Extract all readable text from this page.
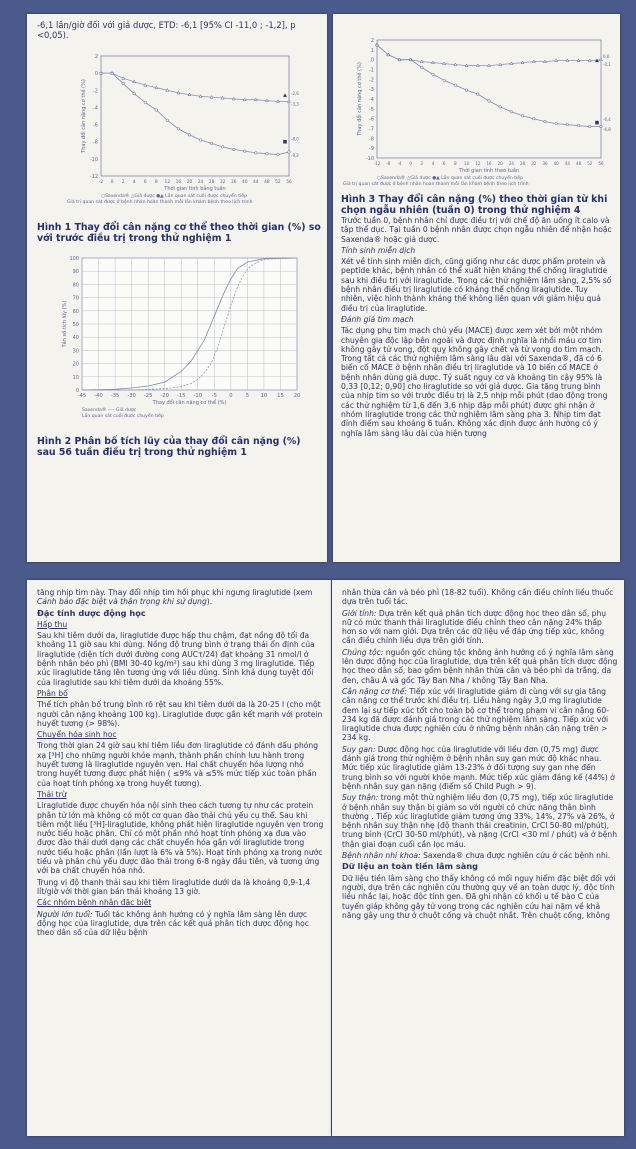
-6,1 lần/giờ đối với giả dược, ETD: -6,1 [95% CI -11,0 ; -1,2], p <0,05).
2
0
-2
-4
-6
-8
-10
-12
-2 0 2 4 6 8 12 16 20 24 28 32 36 40 44 48 52 56
Thời gian tính bằng tuần
Thay đổi cân nặng cơ thể (%)	-2,6
-3,3
-8,0
-9,2
○Saxenda® △Giả dược ●▲ Lần quan sát cuối được chuyển tiếp
Giá trị quan sát được ở bệnh nhân hoàn thành mỗi lần khám bệnh theo lịch trình
Hình 1 Thay đổi cân nặng cơ thể theo thời gian (%) so với trước điều trị trong thử nghiệm 1
100
90
80
70
60
50
40
30
20
10
0
-45 -40 -35 -30 -25 -20 -15 -10 -5 0	5 10 15 20
Thay đổi cân nặng cơ thể (%)
Tần số tích lũy (%)
Saxenda® ---- Giả dược
Lần quan sát cuối được chuyển tiếp
Hình 2 Phân bố tích lũy của thay đổi cân nặng (%) sau 56 tuần điều trị trong thử nghiệm 1
2
1
0
-1
-2
-3
-4
-5
-6
-7
-8
-9
-10
-12 -8 -4 0 2 4 6 8 10 12 16 20 24 28 32 36 40 44 48 52 56
Thời gian tính theo tuần
Thay đổi cân nặng cơ thể (%)
0,0
-0,1
-6,4
-6,8
○Saxenda® △Giả dược ●▲ Lần quan sát cuối được chuyển tiếp
Giá trị quan sát được ở bệnh nhân hoàn thành mỗi lần khám bệnh theo lịch trình
Hình 3 Thay đổi cân nặng (%) theo thời gian từ khi chọn ngẫu nhiên (tuần 0) trong thử nghiệm 4

Trước tuần 0, bệnh nhân chỉ được điều trị với chế độ ăn uống ít calo và tập thể dục. Tại tuần 0 bệnh nhân được chọn ngẫu nhiên để nhận hoặc Saxenda® hoặc giả dược.

Tính sinh miễn dịch

Xét về tính sinh miễn dịch, cũng giống như các dược phẩm protein và peptide khác, bệnh nhân có thể xuất hiện kháng thể chống liraglutide sau khi điều trị với liraglutide. Trong các thử nghiệm lâm sàng, 2,5% số bệnh nhân điều trị liraglutide có kháng thể chống liraglutide. Tuy nhiên, việc hình thành kháng thể không liên quan với giảm hiệu quả điều trị của liraglutide.

Đánh giá tim mạch

Tác dụng phụ tim mạch chủ yếu (MACE) được xem xét bởi một nhóm chuyên gia độc lập bên ngoài và được định nghĩa là nhồi máu cơ tim không gây tử vong, đột quỵ không gây chết và tử vong do tim mạch. Trong tất cả các thử nghiệm lâm sàng lâu dài với Saxenda®, đã có 6 biến cố MACE ở bệnh nhân điều trị liraglutide và 10 biến cố MACE ở bệnh nhân dùng giả dược. Tỷ suất nguy cơ và khoảng tin cậy 95% là 0,33 [0,12; 0,90] cho liraglutide so với giả dược. Gia tăng trung bình của nhịp tim so với trước điều trị là 2,5 nhịp mỗi phút (dao động trong các thử nghiệm từ 1,6 đến 3,6 nhịp đập mỗi phút) được ghi nhận ở nhóm liraglutide trong các thử nghiệm lâm sàng pha 3. Nhịp tim đạt đỉnh điểm sau khoảng 6 tuần. Không xác định được ảnh hưởng có ý nghĩa lâm sàng lâu dài của hiện tượng

tăng nhịp tim này. Thay đổi nhịp tim hồi phục khi ngưng liraglutide (xem Cảnh báo đặc biệt và thận trọng khi sử dụng).

Đặc tính dược động học

Hấp thu

Sau khi tiêm dưới da, liraglutide được hấp thu chậm, đạt nồng độ tối đa khoảng 11 giờ sau khi dùng. Nồng độ trung bình ở trạng thái ổn định của liraglutide (diện tích dưới đường cong AUCτ/24) đạt khoảng 31 nmol/l ở bệnh nhân béo phì (BMI 30-40 kg/m²) sau khi dùng 3 mg liraglutide. Tiếp xúc liraglutide tăng lên tương ứng với liều dùng. Sinh khả dụng tuyệt đối của liraglutide sau khi tiêm dưới da khoảng 55%.

Phân bố

Thể tích phân bố trung bình rõ rệt sau khi tiêm dưới da là 20-25 l (cho một người cân nặng khoảng 100 kg). Liraglutide được gắn kết mạnh với protein huyết tương (> 98%).

Chuyển hóa sinh học

Trong thời gian 24 giờ sau khi tiêm liều đơn liraglutide có đánh dấu phóng xạ [³H] cho những người khỏe mạnh, thành phần chính lưu hành trong huyết tương là liraglutide nguyên vẹn. Hai chất chuyển hóa lượng nhỏ trong huyết tương được phát hiện ( ≤9% và ≤5% mức tiếp xúc toàn phần của hoạt tính phóng xạ trong huyết tương).

Thải trừ

Liraglutide được chuyển hóa nội sinh theo cách tương tự như các protein phân tử lớn mà không có một cơ quan đào thải chủ yếu cụ thể. Sau khi tiêm một liều [³H]-liraglutide, không phát hiện liraglutide nguyên vẹn trong nước tiểu hoặc phân. Chỉ có một phần nhỏ hoạt tính phóng xạ đưa vào được đào thải dưới dạng các chất chuyển hóa gắn với liraglutide trong nước tiểu hoặc phân (lần lượt là 6% và 5%). Hoạt tính phóng xạ trong nước tiểu và phân chủ yếu được đào thải trong 6-8 ngày đầu tiên, và tương ứng với ba chất chuyển hóa nhỏ.

Trung vị độ thanh thải sau khi tiêm liraglutide dưới da là khoảng 0,9-1,4 lít/giờ với thời gian bán thải khoảng 13 giờ.

Các nhóm bệnh nhân đặc biệt

Người lớn tuổi: Tuổi tác không ảnh hưởng có ý nghĩa lâm sàng lên dược động học của liraglutide, dựa trên các kết quả phân tích dược động học theo dân số của dữ liệu bệnh

nhân thừa cân và béo phì (18-82 tuổi). Không cần điều chỉnh liều thuốc dựa trên tuổi tác.

Giới tính: Dựa trên kết quả phân tích dược động học theo dân số, phụ nữ có mức thanh thải liraglutide điều chỉnh theo cân nặng 24% thấp hơn so với nam giới. Dựa trên các dữ liệu về đáp ứng tiếp xúc, không cần điều chỉnh liều dựa trên giới tính.

Chủng tộc: nguồn gốc chủng tộc không ảnh hưởng có ý nghĩa lâm sàng lên dược động học của liraglutide, dựa trên kết quả phân tích dược động học theo dân số, bao gồm bệnh nhân thừa cân và béo phì da trắng, da đen, châu Á và gốc Tây Ban Nha / không Tây Ban Nha.

Cân nặng cơ thể: Tiếp xúc với liraglutide giảm đi cùng với sự gia tăng cân nặng cơ thể trước khi điều trị. Liều hàng ngày 3,0 mg liraglutide đem lại sự tiếp xúc tốt cho toàn bộ cơ thể trong phạm vi cân nặng 60-234 kg đã được đánh giá trong các thử nghiệm lâm sàng. Tiếp xúc với liraglutide chưa được nghiên cứu ở những bệnh nhân cân nặng trên > 234 kg.

Suy gan: Dược động học của liraglutide với liều đơn (0,75 mg) được đánh giá trong thử nghiệm ở bệnh nhân suy gan mức độ khác nhau. Mức tiếp xúc liraglutide giảm 13-23% ở đối tượng suy gan nhẹ đến trung bình so với người khỏe mạnh. Mức tiếp xúc giảm đáng kể (44%) ở bệnh nhân suy gan nặng (điểm số Child Pugh > 9).

Suy thận: trong một thử nghiệm liều đơn (0,75 mg), tiếp xúc liraglutide ở bệnh nhân suy thận bị giảm so với người có chức năng thận bình thường . Tiếp xúc liraglutide giảm tương ứng 33%, 14%, 27% và 26%, ở bệnh nhân suy thận nhẹ (độ thanh thải creatinin, CrCl 50-80 ml/phút), trung bình (CrCl 30-50 ml/phút), và nặng (CrCl <30 ml / phút) và ở bệnh thận giai đoạn cuối cần lọc máu.

Bệnh nhân nhi khoa: Saxenda® chưa được nghiên cứu ở các bệnh nhi.

Dữ liệu an toàn tiền lâm sàng

Dữ liệu tiền lâm sàng cho thấy không có mối nguy hiểm đặc biệt đối với người, dựa trên các nghiên cứu thường quy về an toàn dược lý, độc tính liều nhắc lại, hoặc độc tính gen. Đã ghi nhận có khối u tế bào C của tuyến giáp không gây tử vong trong các nghiên cứu hai năm về khả năng gây ung thư ở chuột cống và chuột nhắt. Trên chuột cống, không
